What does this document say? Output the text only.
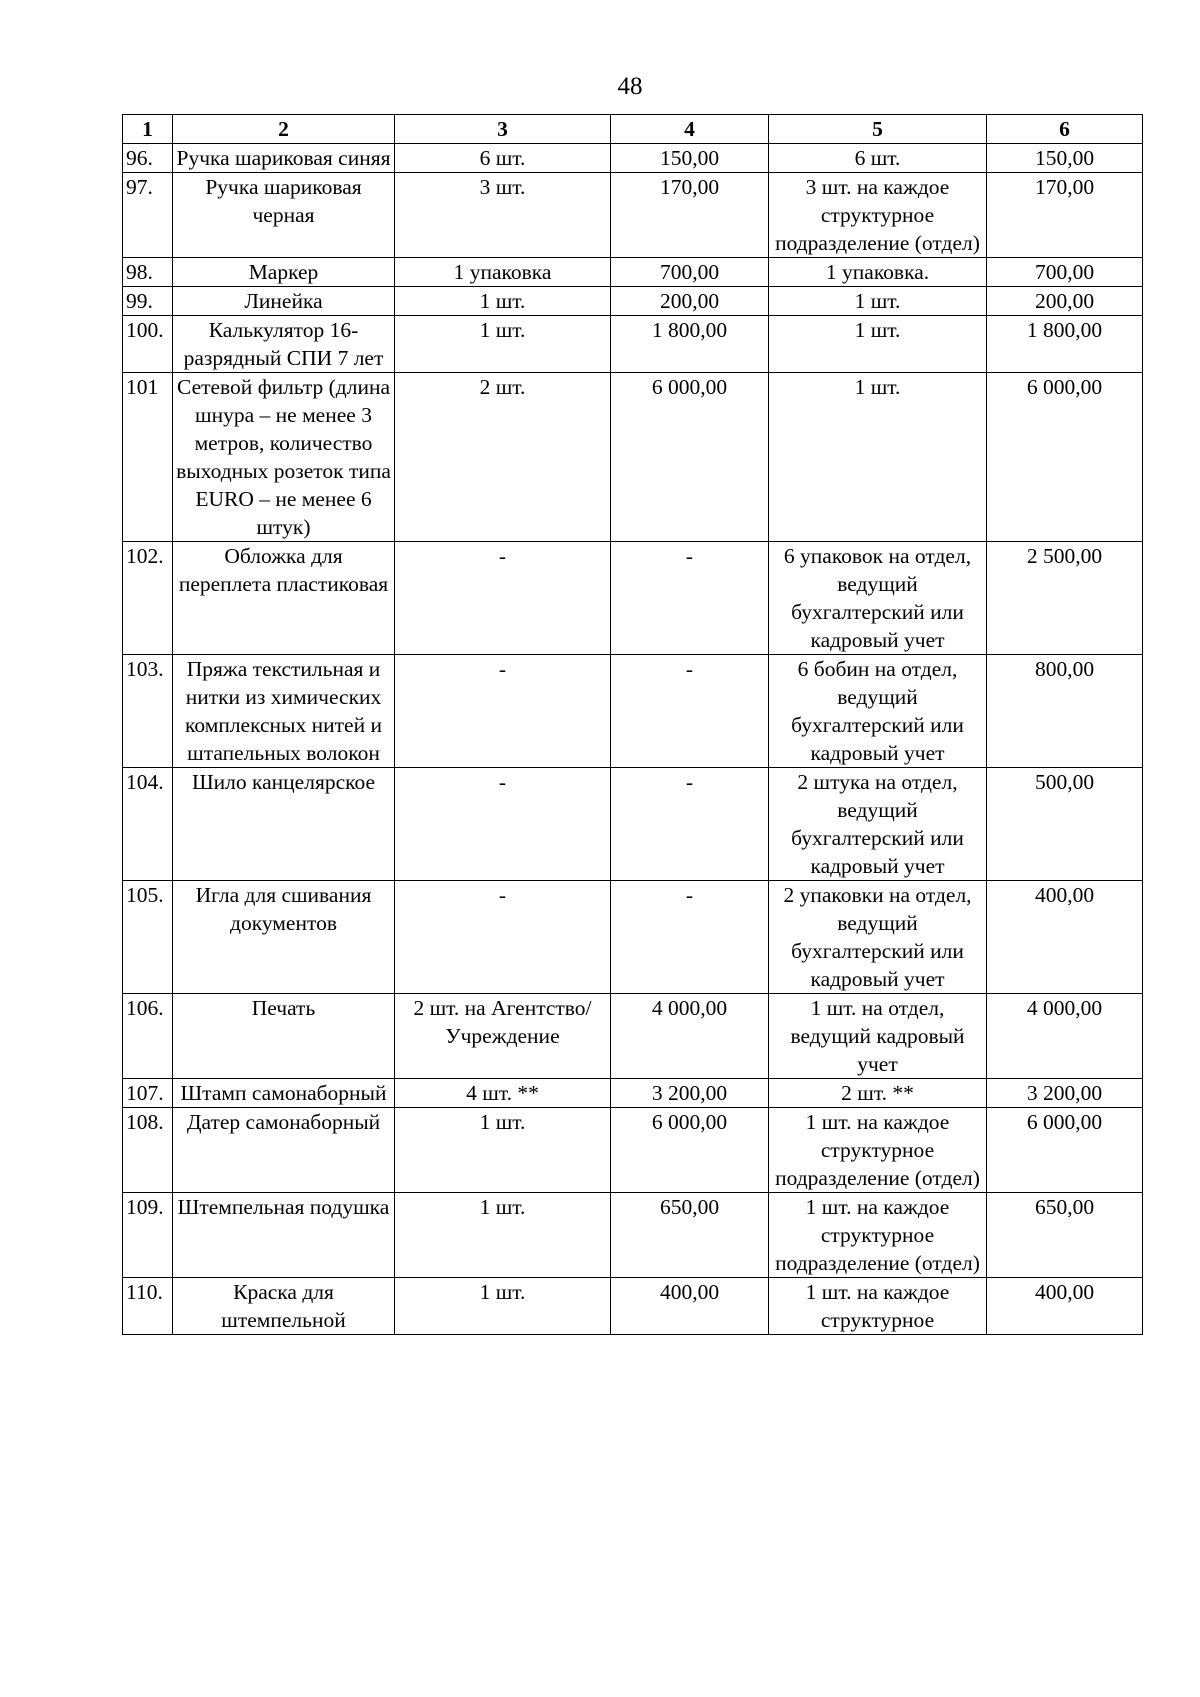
48
1	2	3	4	5	6
96.	Ручка шариковая синяя	6 шт.	150,00	6 шт.	150,00
97.	Ручка шариковая черная	3 шт.	170,00	3 шт. на каждое структурное подразделение (отдел)	170,00
98.	Маркер	1 упаковка	700,00	1 упаковка.	700,00
99.	Линейка	1 шт.	200,00	1 шт.	200,00
100.	Калькулятор 16-разрядный СПИ 7 лет	1 шт.	1 800,00	1 шт.	1 800,00
101	Сетевой фильтр (длина шнура – не менее 3 метров, количество выходных розеток типа EURO – не менее 6 штук)	2 шт.	6 000,00	1 шт.	6 000,00
102.	Обложка для переплета пластиковая	-	-	6 упаковок на отдел, ведущий бухгалтерский или кадровый учет	2 500,00
103.	Пряжа текстильная и нитки из химических комплексных нитей и штапельных волокон	-	-	6 бобин на отдел, ведущий бухгалтерский или кадровый учет	800,00
104.	Шило канцелярское	-	-	2 штука на отдел, ведущий бухгалтерский или кадровый учет	500,00
105.	Игла для сшивания документов	-	-	2 упаковки на отдел, ведущий бухгалтерский или кадровый учет	400,00
106.	Печать	2 шт. на Агентство/ Учреждение	4 000,00	1 шт. на отдел, ведущий кадровый учет	4 000,00
107.	Штамп самонаборный	4 шт. **	3 200,00	2 шт. **	3 200,00
108.	Датер самонаборный	1 шт.	6 000,00	1 шт. на каждое структурное подразделение (отдел)	6 000,00
109.	Штемпельная подушка	1 шт.	650,00	1 шт. на каждое структурное подразделение (отдел)	650,00
110.	Краска для штемпельной	1 шт.	400,00	1 шт. на каждое структурное	400,00
